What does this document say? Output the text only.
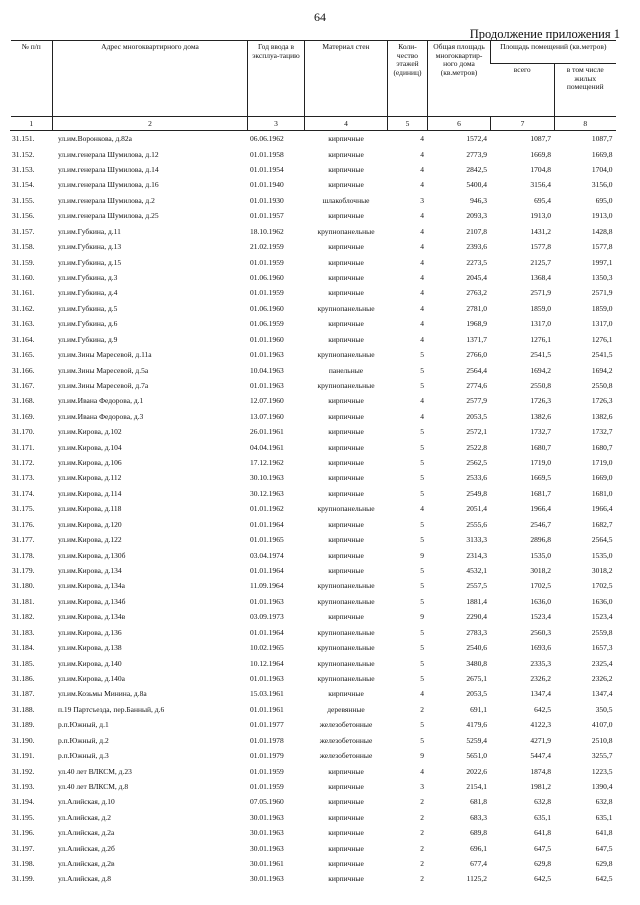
64
Продолжение приложения 1
№ п/п	Адрес многоквартирного дома	Год ввода в эксплуа-тацию	Материал стен	Коли-чество этажей (единиц)	Общая площадь многоквартир-ного дома (кв.метров)	Площадь помещений (кв.метров)	
						всего	в том числе жилых помещений
1	2	3	4	5	6	7	8
31.151.	ул.им.Воронкова, д.82а	06.06.1962	кирпичные	4	1572,4	1087,7	1087,7
31.152.	ул.им.генерала Шумилова, д.12	01.01.1958	кирпичные	4	2773,9	1669,8	1669,8
31.153.	ул.им.генерала Шумилова, д.14	01.01.1954	кирпичные	4	2842,5	1704,8	1704,0
31.154.	ул.им.генерала Шумилова, д.16	01.01.1940	кирпичные	4	5400,4	3156,4	3156,0
31.155.	ул.им.генерала Шумилова, д.2	01.01.1930	шлакоблочные	3	946,3	695,4	695,0
31.156.	ул.им.генерала Шумилова, д.25	01.01.1957	кирпичные	4	2093,3	1913,0	1913,0
31.157.	ул.им.Губкина, д.11	18.10.1962	крупнопанельные	4	2107,8	1431,2	1428,8
31.158.	ул.им.Губкина, д.13	21.02.1959	кирпичные	4	2393,6	1577,8	1577,8
31.159.	ул.им.Губкина, д.15	01.01.1959	кирпичные	4	2273,5	2125,7	1997,1
31.160.	ул.им.Губкина, д.3	01.06.1960	кирпичные	4	2045,4	1368,4	1350,3
31.161.	ул.им.Губкина, д.4	01.01.1959	кирпичные	4	2763,2	2571,9	2571,9
31.162.	ул.им.Губкина, д.5	01.06.1960	крупнопанельные	4	2781,0	1859,0	1859,0
31.163.	ул.им.Губкина, д.6	01.06.1959	кирпичные	4	1968,9	1317,0	1317,0
31.164.	ул.им.Губкина, д.9	01.01.1960	кирпичные	4	1371,7	1276,1	1276,1
31.165.	ул.им.Зины Маресевой, д.11а	01.01.1963	крупнопанельные	5	2766,0	2541,5	2541,5
31.166.	ул.им.Зины Маресевой, д.5а	10.04.1963	панельные	5	2564,4	1694,2	1694,2
31.167.	ул.им.Зины Маресевой, д.7а	01.01.1963	крупнопанельные	5	2774,6	2550,8	2550,8
31.168.	ул.им.Ивана Федорова, д.1	12.07.1960	кирпичные	4	2577,9	1726,3	1726,3
31.169.	ул.им.Ивана Федорова, д.3	13.07.1960	кирпичные	4	2053,5	1382,6	1382,6
31.170.	ул.им.Кирова, д.102	26.01.1961	кирпичные	5	2572,1	1732,7	1732,7
31.171.	ул.им.Кирова, д.104	04.04.1961	кирпичные	5	2522,8	1680,7	1680,7
31.172.	ул.им.Кирова, д.106	17.12.1962	кирпичные	5	2562,5	1719,0	1719,0
31.173.	ул.им.Кирова, д.112	30.10.1963	кирпичные	5	2533,6	1669,5	1669,0
31.174.	ул.им.Кирова, д.114	30.12.1963	кирпичные	5	2549,8	1681,7	1681,0
31.175.	ул.им.Кирова, д.118	01.01.1962	крупнопанельные	4	2051,4	1966,4	1966,4
31.176.	ул.им.Кирова, д.120	01.01.1964	кирпичные	5	2555,6	2546,7	1682,7
31.177.	ул.им.Кирова, д.122	01.01.1965	кирпичные	5	3133,3	2896,8	2564,5
31.178.	ул.им.Кирова, д.130б	03.04.1974	кирпичные	9	2314,3	1535,0	1535,0
31.179.	ул.им.Кирова, д.134	01.01.1964	кирпичные	5	4532,1	3018,2	3018,2
31.180.	ул.им.Кирова, д.134а	11.09.1964	крупнопанельные	5	2557,5	1702,5	1702,5
31.181.	ул.им.Кирова, д.134б	01.01.1963	крупнопанельные	5	1881,4	1636,0	1636,0
31.182.	ул.им.Кирова, д.134в	03.09.1973	кирпичные	9	2290,4	1523,4	1523,4
31.183.	ул.им.Кирова, д.136	01.01.1964	крупнопанельные	5	2783,3	2560,3	2559,8
31.184.	ул.им.Кирова, д.138	10.02.1965	крупнопанельные	5	2540,6	1693,6	1657,3
31.185.	ул.им.Кирова, д.140	10.12.1964	крупнопанельные	5	3480,8	2335,3	2325,4
31.186.	ул.им.Кирова, д.140а	01.01.1963	крупнопанельные	5	2675,1	2326,2	2326,2
31.187.	ул.им.Козьмы Минина, д.8а	15.03.1961	кирпичные	4	2053,5	1347,4	1347,4
31.188.	п.19 Партсъезда, пер.Банный, д.6	01.01.1961	деревянные	2	691,1	642,5	350,5
31.189.	р.п.Южный, д.1	01.01.1977	железобетонные	5	4179,6	4122,3	4107,0
31.190.	р.п.Южный, д.2	01.01.1978	железобетонные	5	5259,4	4271,9	2510,8
31.191.	р.п.Южный, д.3	01.01.1979	железобетонные	9	5651,0	5447,4	3255,7
31.192.	ул.40 лет ВЛКСМ, д.23	01.01.1959	кирпичные	4	2022,6	1874,8	1223,5
31.193.	ул.40 лет ВЛКСМ, д.8	01.01.1959	кирпичные	3	2154,1	1981,2	1390,4
31.194.	ул.Алийская, д.10	07.05.1960	кирпичные	2	681,8	632,8	632,8
31.195.	ул.Алийская, д.2	30.01.1963	кирпичные	2	683,3	635,1	635,1
31.196.	ул.Алийская, д.2а	30.01.1963	кирпичные	2	689,8	641,8	641,8
31.197.	ул.Алийская, д.2б	30.01.1963	кирпичные	2	696,1	647,5	647,5
31.198.	ул.Алийская, д.2в	30.01.1961	кирпичные	2	677,4	629,8	629,8
31.199.	ул.Алийская, д.8	30.01.1963	кирпичные	2	1125,2	642,5	642,5
